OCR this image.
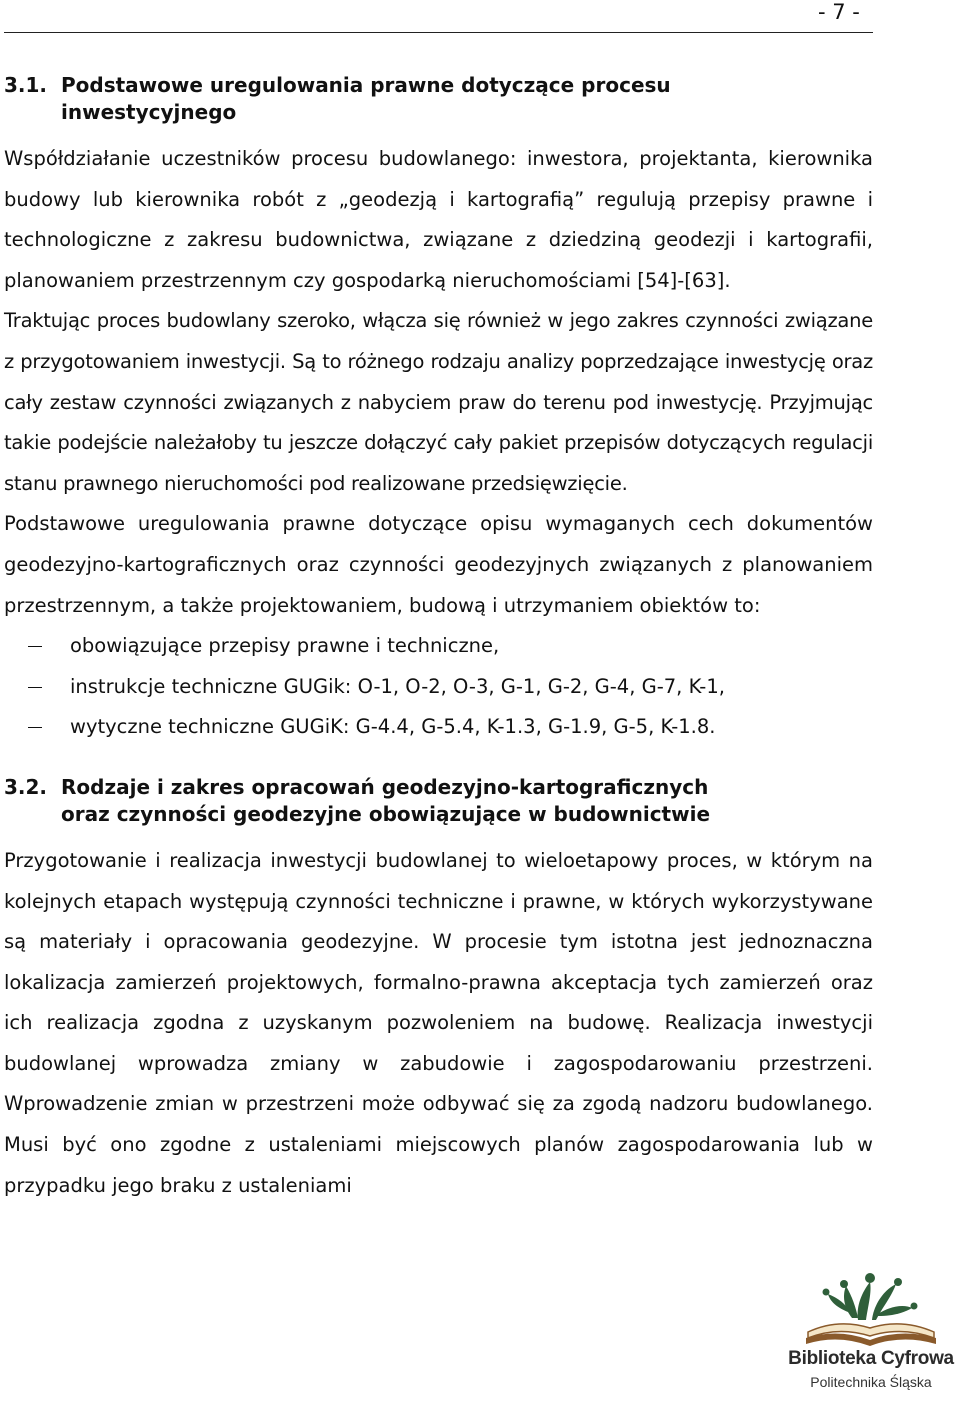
- 7 -
3.1. Podstawowe uregulowania prawne dotyczące procesu
inwestycyjnego

Współdziałanie uczestników procesu budowlanego: inwestora, projektanta, kierownika budowy lub kierownika robót z „geodezją i kartografią” regulują przepisy prawne i technologiczne z zakresu budownictwa, związane z dziedziną geodezji i kartografii, planowaniem przestrzennym czy gospodarką nieruchomościami [54]-[63].

Traktując proces budowlany szeroko, włącza się również w jego zakres czynności związane z przygotowaniem inwestycji. Są to różnego rodzaju analizy poprzedzające inwestycję oraz cały zestaw czynności związanych z nabyciem praw do terenu pod inwestycję. Przyjmując takie podejście należałoby tu jeszcze dołączyć cały pakiet przepisów dotyczących regulacji stanu prawnego nieruchomości pod realizowane przedsięwzięcie.

Podstawowe uregulowania prawne dotyczące opisu wymaganych cech dokumentów geodezyjno-kartograficznych oraz czynności geodezyjnych związanych z planowaniem przestrzennym, a także projektowaniem, budową i utrzymaniem obiektów to:

obowiązujące przepisy prawne i techniczne,
instrukcje techniczne GUGik: O-1, O-2, O-3, G-1, G-2, G-4, G-7, K-1,
wytyczne techniczne GUGiK: G-4.4, G-5.4, K-1.3, G-1.9, G-5, K-1.8.
3.2. Rodzaje i zakres opracowań geodezyjno-kartograficznych
oraz czynności geodezyjne obowiązujące w budownictwie

Przygotowanie i realizacja inwestycji budowlanej to wieloetapowy proces, w którym na kolejnych etapach występują czynności techniczne i prawne, w których wykorzystywane są materiały i opracowania geodezyjne. W procesie tym istotna jest jednoznaczna lokalizacja zamierzeń projektowych, formalno-prawna akceptacja tych zamierzeń oraz ich realizacja zgodna z uzyskanym pozwoleniem na budowę. Realizacja inwestycji budowlanej wprowadza zmiany w zabudowie i zagospodarowaniu przestrzeni. Wprowadzenie zmian w przestrzeni może odbywać się za zgodą nadzoru budowlanego. Musi być ono zgodne z ustaleniami miejscowych planów zagospodarowania lub w przypadku jego braku z ustaleniami

Biblioteka Cyfrowa
Politechnika Śląska
